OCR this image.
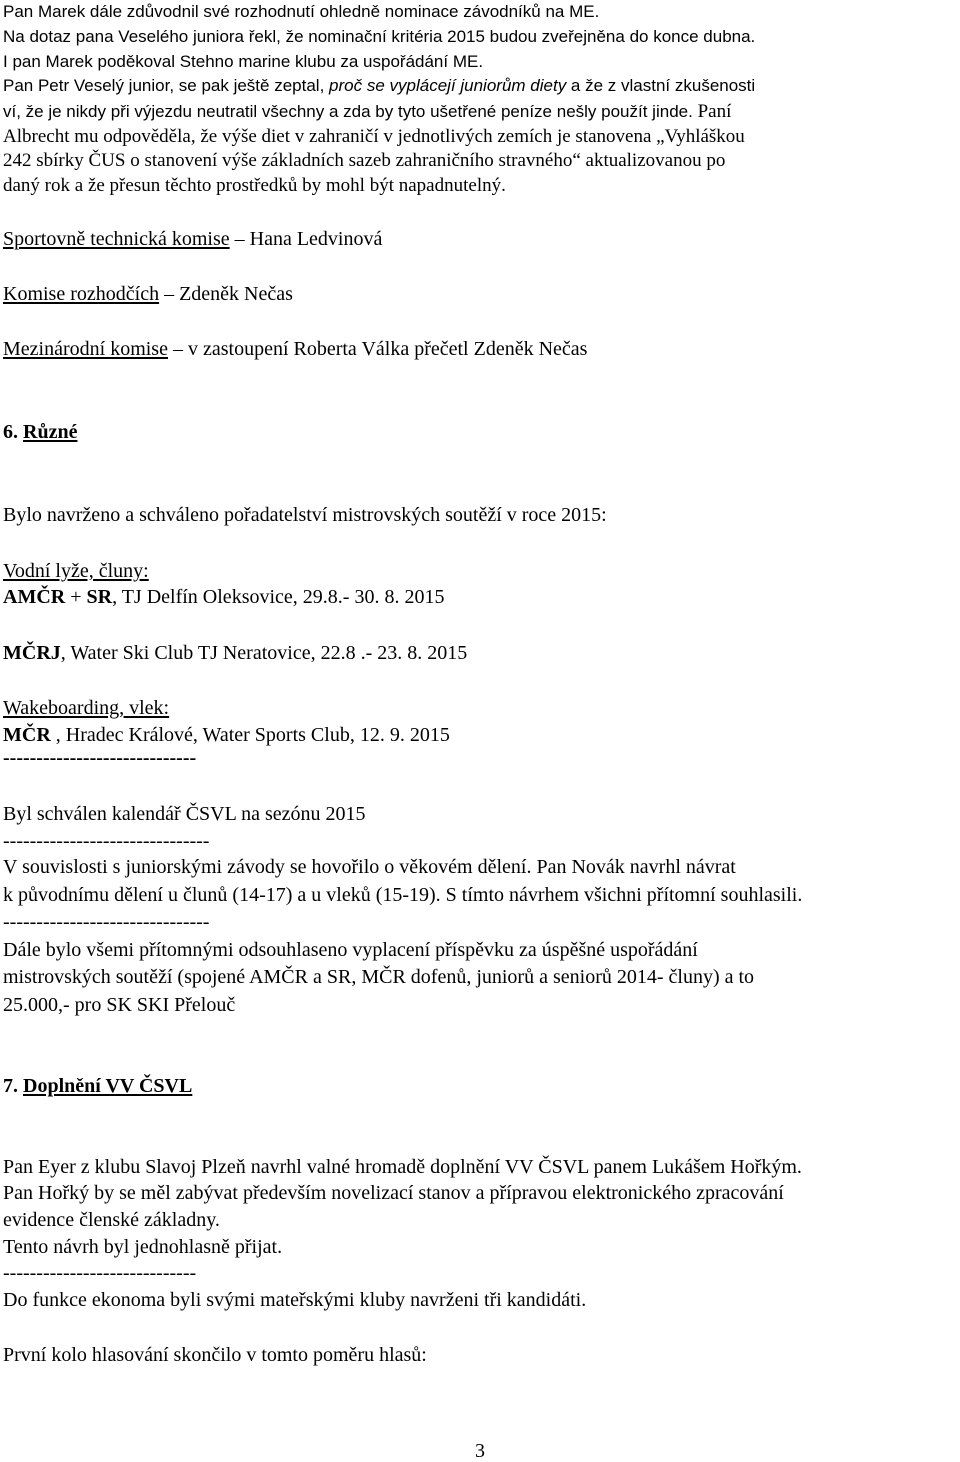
Pan Marek dále zdůvodnil své rozhodnutí ohledně nominace závodníků na ME.
Na dotaz pana Veselého juniora řekl, že nominační kritéria 2015 budou zveřejněna do konce dubna.
I pan Marek poděkoval Stehno marine klubu za uspořádání ME.
Pan Petr Veselý junior, se pak ještě zeptal, proč se vyplácejí juniorům diety a že z vlastní zkušenosti
ví, že je nikdy při výjezdu neutratil všechny a zda by tyto ušetřené peníze nešly použít jinde. Paní
Albrecht mu odpověděla, že výše diet v zahraničí v jednotlivých zemích je stanovena „Vyhláškou
242 sbírky ČUS o stanovení výše základních sazeb zahraničního stravného“ aktualizovanou po
daný rok a že přesun těchto prostředků by mohl být napadnutelný.
Sportovně technická komise – Hana Ledvinová
Komise rozhodčích – Zdeněk Nečas
Mezinárodní komise – v zastoupení Roberta Válka přečetl Zdeněk Nečas
6. Různé
Bylo navrženo a schváleno pořadatelství mistrovských soutěží v roce 2015:
Vodní lyže, čluny:
AMČR + SR, TJ Delfín Oleksovice, 29.8.- 30. 8. 2015
MČRJ, Water Ski Club TJ Neratovice, 22.8 .- 23. 8. 2015
Wakeboarding, vlek:
MČR , Hradec Králové, Water Sports Club, 12. 9. 2015
-----------------------------
Byl schválen kalendář ČSVL na sezónu 2015
-------------------------------
V souvislosti s juniorskými závody se hovořilo o věkovém dělení. Pan Novák navrhl návrat
k původnímu dělení u člunů (14-17) a u vleků (15-19). S tímto návrhem všichni přítomní souhlasili.
-------------------------------
Dále bylo všemi přítomnými odsouhlaseno vyplacení příspěvku za úspěšné uspořádání
mistrovských soutěží (spojené AMČR a SR, MČR dofenů, juniorů a seniorů 2014- čluny) a to
25.000,- pro SK SKI Přelouč
7. Doplnění VV ČSVL
Pan Eyer z klubu Slavoj Plzeň navrhl valné hromadě doplnění VV ČSVL panem Lukášem Hořkým.
Pan Hořký by se měl zabývat především novelizací stanov a přípravou elektronického zpracování
evidence členské základny.
Tento návrh byl jednohlasně přijat.
-----------------------------
Do funkce ekonoma byli svými mateřskými kluby navrženi tři kandidáti.
První kolo hlasování skončilo v tomto poměru hlasů:
3
